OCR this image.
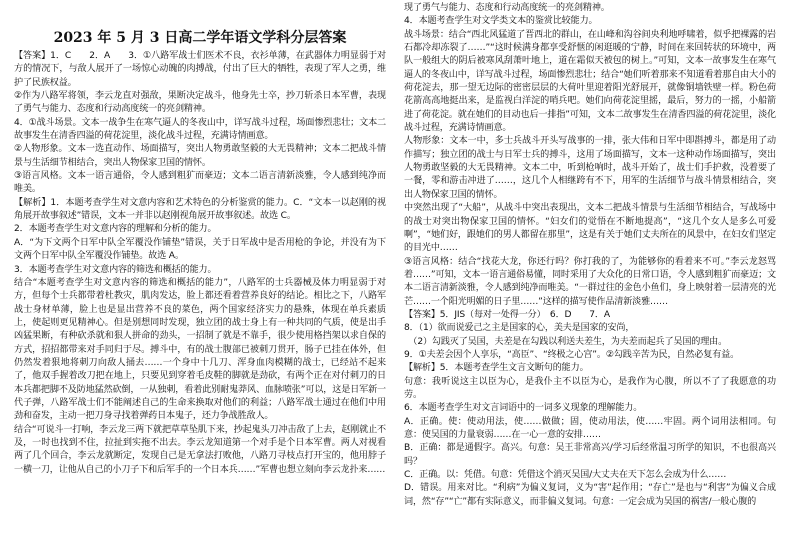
2023 年 5 月 3 日高二学年语文学科分层答案

【答案】1．C　　2．A　　3．①八路军战士们医术不良，衣衫单薄，在武器体力明显弱于对方的情况下，与敌人展开了一场惊心动魄的肉搏战，付出了巨大的牺牲，表现了军人之勇，维护了民族权益。

②作为八路军将领，李云龙直对强敌，果断决定战斗，他身先士卒，抄刀斩杀日本军曹，表现了勇气与能力、态度和行动高度统一的亮剑精神。

4．①战斗场景。文本一战争生在寒气逼人的冬夜山中，详写战斗过程，场面惨烈悲壮；文本二故事发生在清香四溢的荷花淀里，淡化战斗过程，充满诗情画意。

②人物形象。文本一选直动作、场面描写，突出人物勇敢坚毅的大无畏精神；文本二把战斗情景与生活细节相结合，突出人物保家卫国的情怀。

③语言风格。文本一语言通俗，令人感到粗犷而豪迈；文本二语言清新淡雅，令人感到纯净而唯美。

【解析】1．本题考查学生对文意内容和艺术特色的分析鉴赏的能力。C．“文本一以赵刚的视角展开故事叙述”错误，文本一并非以赵刚视角展开故事叙述。故选 C。

2．本题考查学生对文意内容的理解和分析的能力。

A．“为下文两个日军中队全军覆没作铺垫”错误，关于日军战中是否用枪的争论，并没有为下文两个日军中队全军覆没作铺垫。故选 A。

3．本题考查学生对文意内容的筛选和概括的能力。

结合“本题考查学生对文意内容的筛选和概括的能力”，八路军的士兵器械及体力明显弱于对方，但每个士兵都带着杜教灾，肌肉发达，脸上都还看着营养良好的结论。相比之下，八路军战士身材单薄，脸上也是显出营养不良的菜色，两个国家经济实力的悬殊，体现在单兵素质上，使起则更见精神心。但是别想同时发现，独立团的战士身上有一种共同的气质，使是出手凶猛果断，有种砍杀就和狠人拼命的劲头，一招制了就是不靠手，很少使用格挡架以求自保的方式，招招都带来对手同归于尽。搏斗中，有的战士腹部已被刺刀贯开，肠子已挂在体外，但仍然发着狠地将刺刀向敌人捅去……一个身中十几刀、浑身血肉模糊的战士，已经站不起来了，他双手握着改刀把在地上，只要见到穿着毛皮鞋的脚就是劲砍，有两个正在对付刺刀的日本兵都把脚不及防地猛然砍倒，一从独刺，看着此别耐鬼莽风、血脉喷张”可以，这是日军新一代子弹，八路军战士们不能阐述自己的生命来换取对他们的利益；八路军战士通过在他们中用劲和奋发，主动一把刀身寻找着弹药日本鬼子，还力争战胜敌人。

结合“可说斗一打响，李云龙三两下就把草草坠肌下来，抄起鬼头刀冲击敌了上去，赵刚就止不及，一时也找到不住，拉扯到实拖不出去。李云龙知道第一个对手是个日本军曹。两人对视看两了几个回合，李云龙就断定，发现自己是无拿法打败他，八路刀寻枝点打开宝的，他用脖子一横一刀，让他从自己的小刀子下和后军手的一个日本兵……”军曹也想立刻向李云龙扑来……

现了勇气与能力、态度和行动高度统一的亮剑精神。

4．本题考查学生对文学类文本的鉴赏比较能力。

战斗场景：结合“西北风猛道了晋西北的群山，在山峰和沟谷间央利地呼啸着，似乎把裸露的岩石都冷却冻裂了……”“这时候满身都享受舒惬的闲逛暖的宁静，时间在来回转状的环境中，两队一般组大的阴后被寒风刮萧叶地上，道在霜似天被包的树上。”可知，文本一故事发生在寒气逼人的冬夜山中，详写战斗过程，场面惨烈悲壮；结合“她们听着那来不知道看着那自由大小的荷花淀去，那一望无边际的密密层层的大荷叶里迎着阳光舒展开，就像铜墙铁壁一样。粉色荷花箭高高地挺出来，是监视白洋淀的哨兵吧。她们向荷花淀里摇，最后，努力的一摇，小船箭进了荷花淀。就在她们的目动也后一排指”可知，文本二故事发生在清香四溢的荷花淀里，淡化战斗过程，充满诗情画意。

人物形象：文本一中，多士兵战斗开头写战事的一排，张大伟和日军中即斟搏斗，都是用了动作描写；独立团的战士与日军士兵的搏斗，这用了场面描写，文本一这种动作场面描写，突出人物勇敢坚毅的大无畏精神。文本二中，听到枪响时，战斗开始了，战士们手护救，没着要了一餐，零和游击冲进了……，这几个人相继跨有不下，用军的生活细节与战斗情景相结合，突出人物保家卫国的情怀。

中突然出现了“大船”，从战斗中突出表现出，文本二把战斗情景与生活细节相结合，写战场中的战士对突出物保家卫国的情怀。“妇女们的觉悟在不断地提高”，“这几个女人是多么可爱啊”，“她们好，跟她们的男人都留在那里”，这是有关于她们丈夫所在的风景中，在妇女们坚定的目光中……

③语言风格：结合“找花大龙，你还行吗？你打我的了，为能够你的看着来不可。”李云龙怒骂着……”可知，文本一语言通俗易懂，同时采用了大众化的日常口语，令人感到粗犷而豪迈；文本二语言清新淡雅，令人感到纯净而唯美。“一群过往的金色小鱼们，身上映射着一层清亮的光芒……一个阳光明媚的日子里……”这样的描写使作品清新淡雅……

【答案】5．JIS（每对一处得一分）　6．D　　7．A

8．（1）欲而说爱己之主是国家的心，美夫是国家的安尚，

　（2）勾践灭了吴国，夫差是在勾践以利送夫差生，为夫差而起兵了吴国的理由。

9．①夫差会因个人享乐，“高臣”、“终极之心宫”。②勾践辛苦为民，自然必复有益。

【解析】5．本题考查学生文言文断句的能力。

句意：我听说这主以臣为心，是我仆主不以臣为心，是我作为心腹，所以不了了我愿意的功劳。

6．本题考查学生对文言词语中的一词多义现象的理解能力。

A．正确。使：使动用法，使……做做；固，使动用法，使……牢固。两个词用法相同。句意：使吴国的力量衰弱……在一心一意的安排……

B．正确：都是通假字。高兴。句意：吴王非常高兴/学习后经常温习所学的知识，不也很高兴吗？

C．正确。以：凭借。句意：凭借这个消灭吴国/大丈夫在天下怎么会成为什么……

D．错误。用来对比。“利病”为偏义复词，义为“害”起作用；“存亡”是也与“利害”为偏义合成词，然“存”“亡”都有实际意义，而非偏义复词。句意：一定会成为吴国的祸害/一般心腹的
